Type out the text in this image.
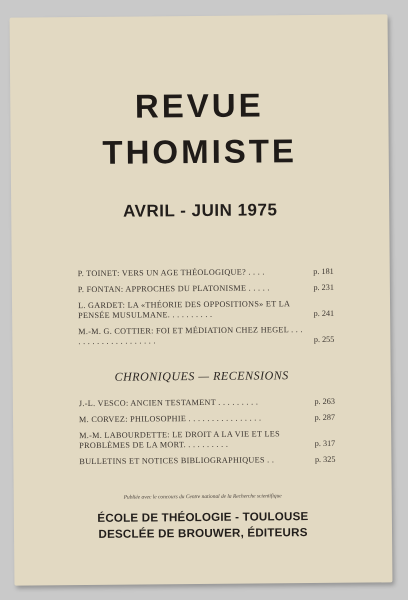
REVUE
THOMISTE
AVRIL - JUIN 1975
P. TOINET: VERS UN AGE THÉOLOGIQUE? . . . .	p. 181
P. FONTAN: APPROCHES DU PLATONISME . . . . .	p. 231
L. GARDET: LA «THÉORIE DES OPPOSITIONS» ET LA PENSÉE MUSULMANE. . . . . . . . . .	p. 241
M.-M. G. COTTIER: FOI ET MÉDIATION CHEZ HEGEL . . . . . . . . . . . . . . . . . . . .	p. 255
CHRONIQUES — RECENSIONS
J.-L. VESCO: ANCIEN TESTAMENT . . . . . . . . .	p. 263
M. CORVEZ: PHILOSOPHIE . . . . . . . . . . . . . . . .	p. 287
M.-M. LABOURDETTE: LE DROIT A LA VIE ET LES PROBLÈMES DE LA MORT. . . . . . . . . .	p. 317
BULLETINS ET NOTICES BIBLIOGRAPHIQUES . .	p. 325
Publiée avec le concours du Centre national de la Recherche scientifique
ÉCOLE DE THÉOLOGIE - TOULOUSE
DESCLÉE DE BROUWER, ÉDITEURS
